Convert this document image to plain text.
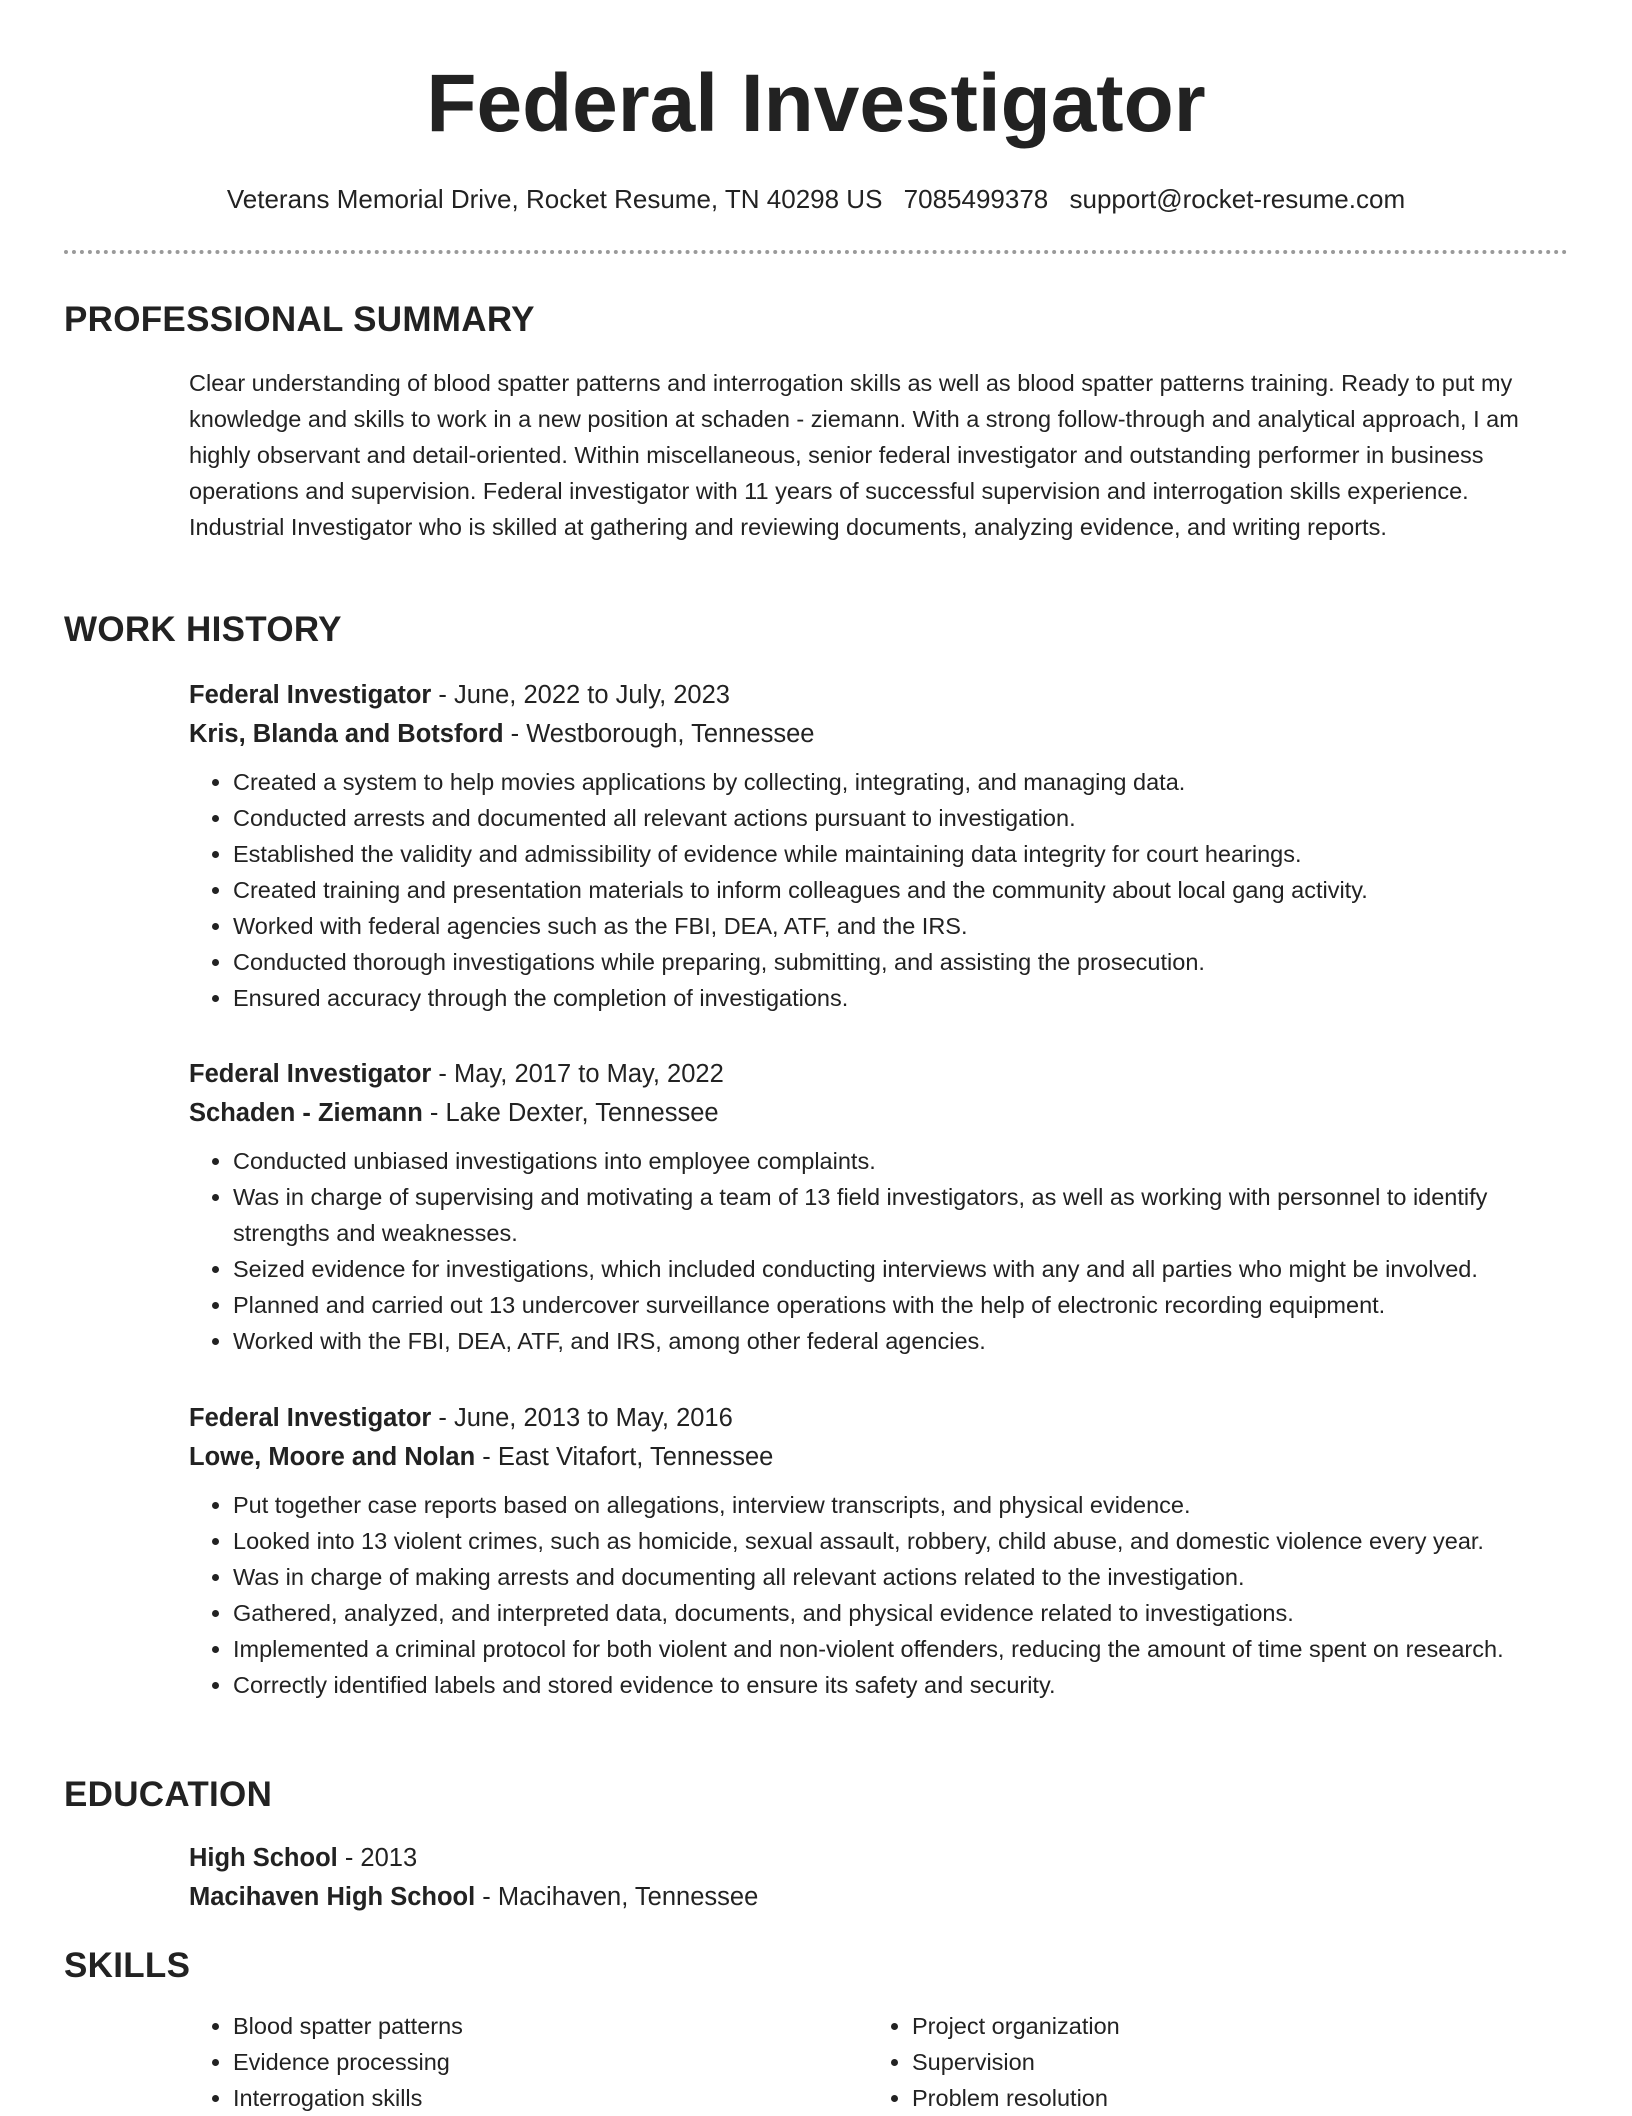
Federal Investigator
Veterans Memorial Drive, Rocket Resume, TN 40298 US 7085499378 support@rocket-resume.com
PROFESSIONAL SUMMARY

Clear understanding of blood spatter patterns and interrogation skills as well as blood spatter patterns training. Ready to put my knowledge and skills to work in a new position at schaden - ziemann. With a strong follow-through and analytical approach, I am highly observant and detail-oriented. Within miscellaneous, senior federal investigator and outstanding performer in business operations and supervision. Federal investigator with 11 years of successful supervision and interrogation skills experience. Industrial Investigator who is skilled at gathering and reviewing documents, analyzing evidence, and writing reports.

WORK HISTORY

Federal Investigator - June, 2022 to July, 2023

Kris, Blanda and Botsford - Westborough, Tennessee

• Created a system to help movies applications by collecting, integrating, and managing data.
• Conducted arrests and documented all relevant actions pursuant to investigation.
• Established the validity and admissibility of evidence while maintaining data integrity for court hearings.
• Created training and presentation materials to inform colleagues and the community about local gang activity.
• Worked with federal agencies such as the FBI, DEA, ATF, and the IRS.
• Conducted thorough investigations while preparing, submitting, and assisting the prosecution.
• Ensured accuracy through the completion of investigations.

Federal Investigator - May, 2017 to May, 2022

Schaden - Ziemann - Lake Dexter, Tennessee

• Conducted unbiased investigations into employee complaints.
• Was in charge of supervising and motivating a team of 13 field investigators, as well as working with personnel to identify strengths and weaknesses.
• Seized evidence for investigations, which included conducting interviews with any and all parties who might be involved.
• Planned and carried out 13 undercover surveillance operations with the help of electronic recording equipment.
• Worked with the FBI, DEA, ATF, and IRS, among other federal agencies.

Federal Investigator - June, 2013 to May, 2016

Lowe, Moore and Nolan - East Vitafort, Tennessee

• Put together case reports based on allegations, interview transcripts, and physical evidence.
• Looked into 13 violent crimes, such as homicide, sexual assault, robbery, child abuse, and domestic violence every year.
• Was in charge of making arrests and documenting all relevant actions related to the investigation.
• Gathered, analyzed, and interpreted data, documents, and physical evidence related to investigations.
• Implemented a criminal protocol for both violent and non-violent offenders, reducing the amount of time spent on research.
• Correctly identified labels and stored evidence to ensure its safety and security.
EDUCATION

High School - 2013

Macihaven High School - Macihaven, Tennessee

SKILLS
• Blood spatter patterns
• Evidence processing
• Interrogation skills
• Project organization
• Supervision
• Problem resolution
